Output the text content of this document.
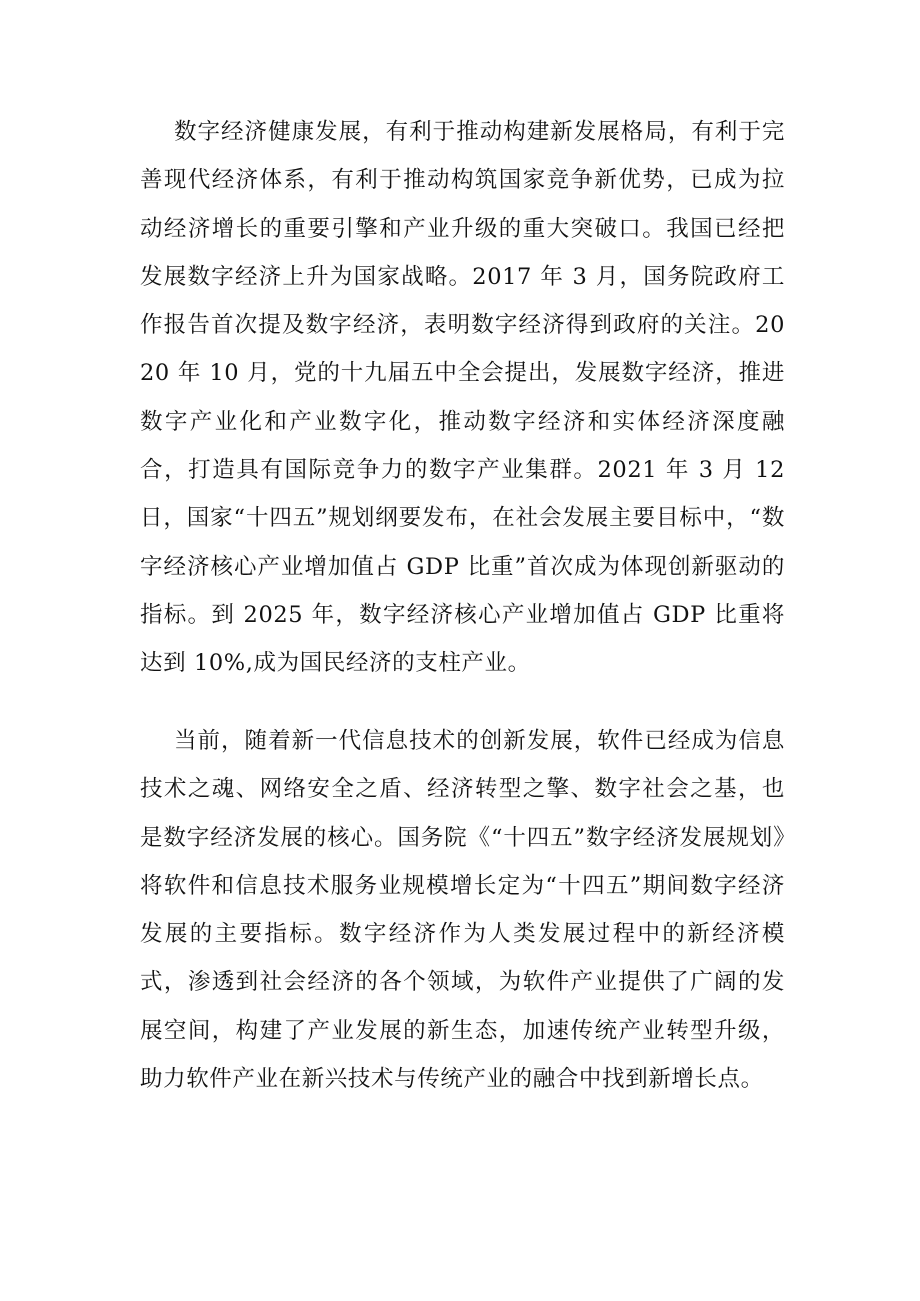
数字经济健康发展，有利于推动构建新发展格局，有利于完善现代经济体系，有利于推动构筑国家竞争新优势，已成为拉动经济增长的重要引擎和产业升级的重大突破口。我国已经把发展数字经济上升为国家战略。2017 年 3 月，国务院政府工作报告首次提及数字经济，表明数字经济得到政府的关注。2020 年 10 月，党的十九届五中全会提出，发展数字经济，推进数字产业化和产业数字化，推动数字经济和实体经济深度融合，打造具有国际竞争力的数字产业集群。2021 年 3 月 12 日，国家“十四五”规划纲要发布，在社会发展主要目标中，“数字经济核心产业增加值占 GDP 比重”首次成为体现创新驱动的指标。到 2025 年，数字经济核心产业增加值占 GDP 比重将达到 10%,成为国民经济的支柱产业。

当前，随着新一代信息技术的创新发展，软件已经成为信息技术之魂、网络安全之盾、经济转型之擎、数字社会之基，也是数字经济发展的核心。国务院《“十四五”数字经济发展规划》将软件和信息技术服务业规模增长定为“十四五”期间数字经济发展的主要指标。数字经济作为人类发展过程中的新经济模式，渗透到社会经济的各个领域，为软件产业提供了广阔的发展空间，构建了产业发展的新生态，加速传统产业转型升级，助力软件产业在新兴技术与传统产业的融合中找到新增长点。
